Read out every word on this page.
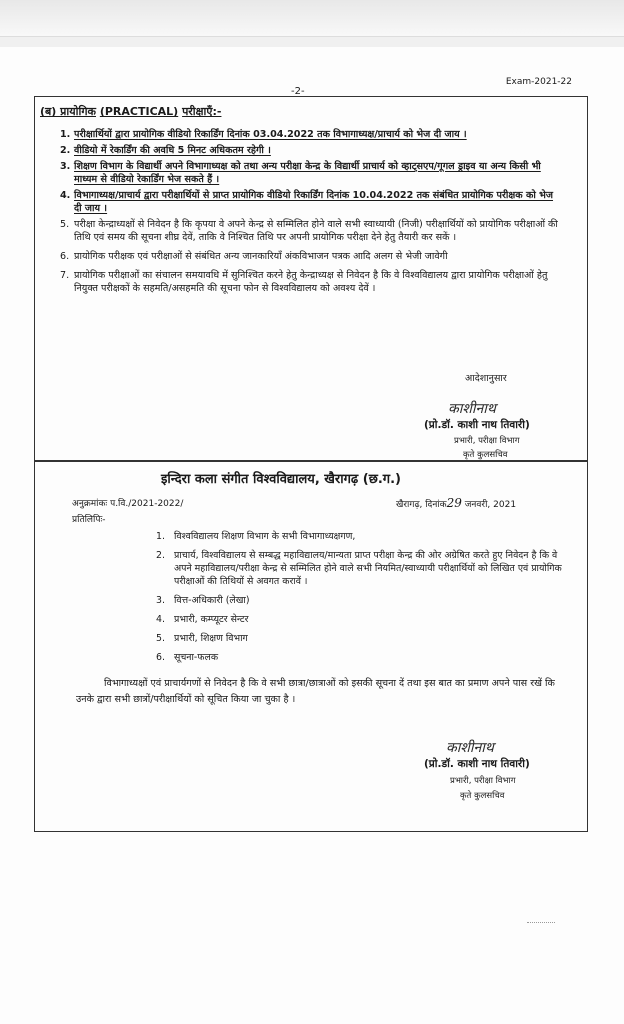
Exam-2021-22
-2-
(ब) प्रायोगिक (PRACTICAL) परीक्षाएँ:-
1. परीक्षार्थियों द्वारा प्रायोगिक वीडियो रिकार्डिंग दिनांक 03.04.2022 तक विभागाध्यक्ष/प्राचार्य को भेज दी जाय ।
2. वीडियो में रेकार्डिंग की अवधि 5 मिनट अधिकतम रहेगी ।
3. शिक्षण विभाग के विद्यार्थी अपने विभागाध्यक्ष को तथा अन्य परीक्षा केन्द्र के विद्यार्थी प्राचार्य को व्हाट्सएप/गूगल ड्राइव या अन्य किसी भी माध्यम से वीडियो रेकार्डिंग भेज सकते हैं ।
4. विभागाध्यक्ष/प्राचार्य द्वारा परीक्षार्थियों से प्राप्त प्रायोगिक वीडियो रिकार्डिंग दिनांक 10.04.2022 तक संबंधित प्रायोगिक परीक्षक को भेज दी जाय ।
5. परीक्षा केन्द्राध्यक्षों से निवेदन है कि कृपया वे अपने केन्द्र से सम्मिलित होने वाले सभी स्वाध्यायी (निजी) परीक्षार्थियों को प्रायोगिक परीक्षाओं की तिथि एवं समय की सूचना शीघ्र देवें, ताकि वे निश्चित तिथि पर अपनी प्रायोगिक परीक्षा देने हेतु तैयारी कर सकें ।
6. प्रायोगिक परीक्षक एवं परीक्षाओं से संबंधित अन्य जानकारियाँ अंकविभाजन पत्रक आदि अलग से भेजी जावेगी
7. प्रायोगिक परीक्षाओं का संचालन समयावधि में सुनिश्चित करने हेतु केन्द्राध्यक्ष से निवेदन है कि वे विश्वविद्यालय द्वारा प्रायोगिक परीक्षाओं हेतु नियुक्त परीक्षकों के सहमति/असहमति की सूचना फोन से विश्वविद्यालय को अवश्य देवें ।
आदेशानुसार
काशीनाथ
(प्रो.डॉ. काशी नाथ तिवारी)
प्रभारी, परीक्षा विभाग
कृते कुलसचिव
इन्दिरा कला संगीत विश्वविद्यालय, खैरागढ़ (छ.ग.)
अनुक्रमांकः प.वि./2021-2022/	खैरागढ़, दिनांक29 जनवरी, 2021
प्रतिलिपिः-
1. विश्वविद्यालय शिक्षण विभाग के सभी विभागाध्यक्षगण,
2. प्राचार्य, विश्वविद्यालय से सम्बद्ध महाविद्यालय/मान्यता प्राप्त परीक्षा केन्द्र की ओर अग्रेषित करते हुए निवेदन है कि वे अपने महाविद्यालय/परीक्षा केन्द्र से सम्मिलित होने वाले सभी नियमित/स्वाध्यायी परीक्षार्थियों को लिखित एवं प्रायोगिक परीक्षाओं की तिथियों से अवगत करावें ।
3. वित्त-अधिकारी (लेखा)
4. प्रभारी, कम्प्यूटर सेन्टर
5. प्रभारी, शिक्षण विभाग
6. सूचना-फलक
विभागाध्यक्षों एवं प्राचार्यगणों से निवेदन है कि वे सभी छात्रा/छात्राओं को इसकी सूचना दें तथा इस बात का प्रमाण अपने पास रखें कि उनके द्वारा सभी छात्रों/परीक्षार्थियों को सूचित किया जा चुका है ।
काशीनाथ
(प्रो.डॉ. काशी नाथ तिवारी)
प्रभारी, परीक्षा विभाग
कृते कुलसचिव
